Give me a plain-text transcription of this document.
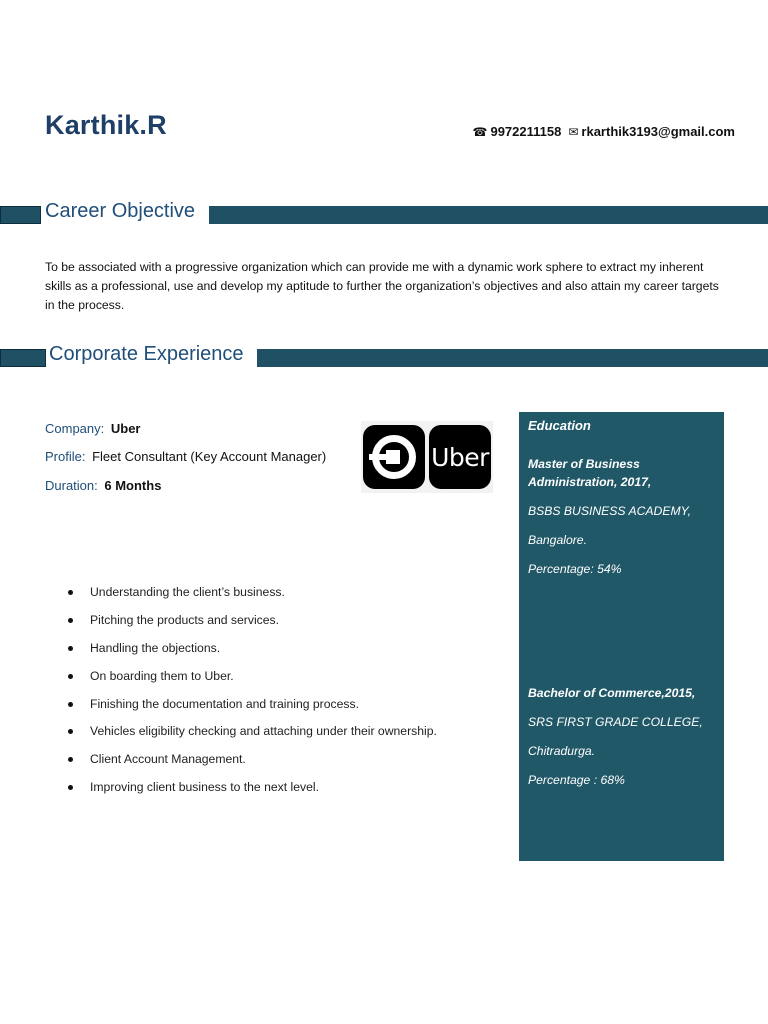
Karthik.R	☎ 9972211158 ✉ rkarthik3193@gmail.com
Career Objective

To be associated with a progressive organization which can provide me with a dynamic work sphere to extract my inherent skills as a professional, use and develop my aptitude to further the organization’s objectives and also attain my career targets in the process.

Corporate Experience
Company: Uber
Profile: Fleet Consultant (Key Account Manager)
Duration: 6 Months
Uber
Understanding the client’s business.
Pitching the products and services.
Handling the objections.
On boarding them to Uber.
Finishing the documentation and training process.
Vehicles eligibility checking and attaching under their ownership.
Client Account Management.
Improving client business to the next level.
Education
Master of Business Administration, 2017,
BSBS BUSINESS ACADEMY,
Bangalore.
Percentage: 54%
Bachelor of Commerce,2015,
SRS FIRST GRADE COLLEGE,
Chitradurga.
Percentage : 68%
